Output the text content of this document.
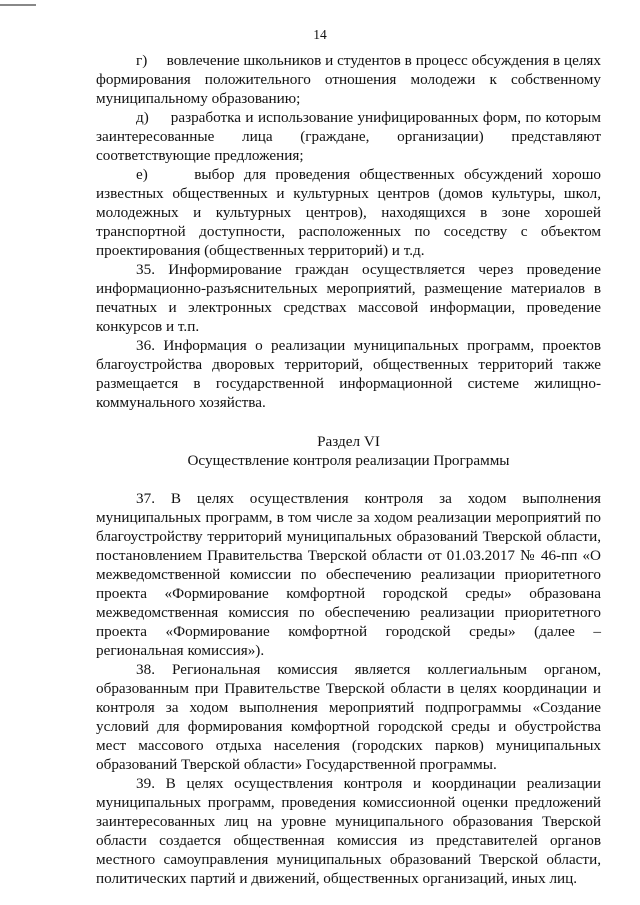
14

г) вовлечение школьников и студентов в процесс обсуждения в целях формирования положительного отношения молодежи к собственному муниципальному образованию;

д) разработка и использование унифицированных форм, по которым заинтересованные лица (граждане, организации) представляют соответствующие предложения;

е)	выбор для проведения общественных обсуждений хорошо известных общественных и культурных центров (домов культуры, школ, молодежных и культурных центров), находящихся в зоне хорошей транспортной доступности, расположенных по соседству с объектом проектирования (общественных территорий) и т.д.

35. Информирование граждан осуществляется через проведение информационно-разъяснительных мероприятий, размещение материалов в печатных и электронных средствах массовой информации, проведение конкурсов и т.п.

36. Информация о реализации муниципальных программ, проектов благоустройства дворовых территорий, общественных территорий также размещается в государственной информационной системе жилищно-коммунального хозяйства.

Раздел VI
Осуществление контроля реализации Программы

37. В целях осуществления контроля за ходом выполнения муниципальных программ, в том числе за ходом реализации мероприятий по благоустройству территорий муниципальных образований Тверской области, постановлением Правительства Тверской области от 01.03.2017 № 46-пп «О межведомственной комиссии по обеспечению реализации приоритетного проекта «Формирование комфортной городской среды» образована межведомственная комиссия по обеспечению реализации приоритетного проекта «Формирование комфортной городской среды» (далее – региональная комиссия»).

38. Региональная комиссия является коллегиальным органом, образованным при Правительстве Тверской области в целях координации и контроля за ходом выполнения мероприятий подпрограммы «Создание условий для формирования комфортной городской среды и обустройства мест массового отдыха населения (городских парков) муниципальных образований Тверской области» Государственной программы.

39. В целях осуществления контроля и координации реализации муниципальных программ, проведения комиссионной оценки предложений заинтересованных лиц на уровне муниципального образования Тверской области создается общественная комиссия из представителей органов местного самоуправления муниципальных образований Тверской области, политических партий и движений, общественных организаций, иных лиц.
